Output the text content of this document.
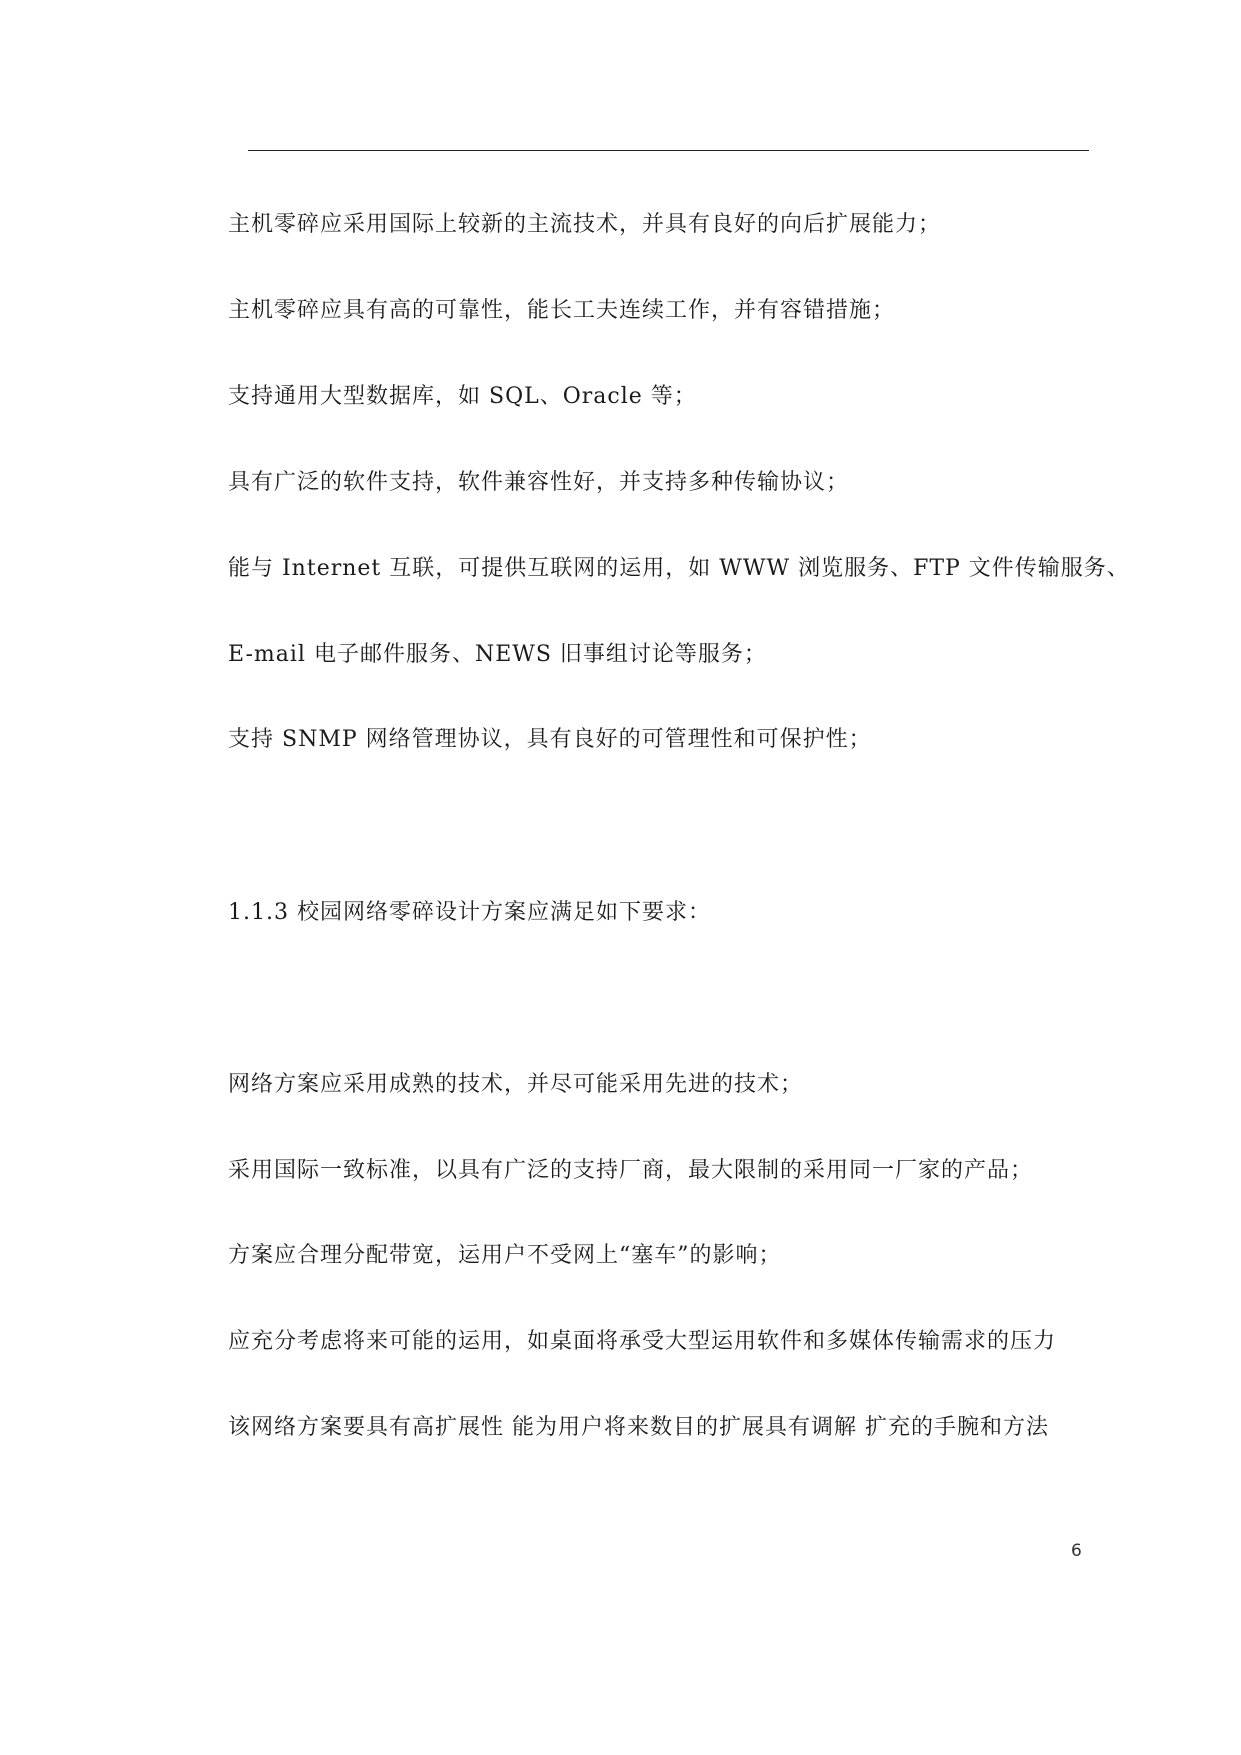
主机零碎应采用国际上较新的主流技术，并具有良好的向后扩展能力；
主机零碎应具有高的可靠性，能长工夫连续工作，并有容错措施；
支持通用大型数据库，如 SQL、Oracle 等；
具有广泛的软件支持，软件兼容性好，并支持多种传输协议；
能与 Internet 互联，可提供互联网的运用，如 WWW 浏览服务、FTP 文件传输服务、
E-mail 电子邮件服务、NEWS 旧事组讨论等服务；
支持 SNMP 网络管理协议，具有良好的可管理性和可保护性；
1.1.3 校园网络零碎设计方案应满足如下要求：
网络方案应采用成熟的技术，并尽可能采用先进的技术；
采用国际一致标准，以具有广泛的支持厂商，最大限制的采用同一厂家的产品；
方案应合理分配带宽，运用户不受网上“塞车”的影响；
应充分考虑将来可能的运用，如桌面将承受大型运用软件和多媒体传输需求的压力
该网络方案要具有高扩展性 能为用户将来数目的扩展具有调解 扩充的手腕和方法
6
